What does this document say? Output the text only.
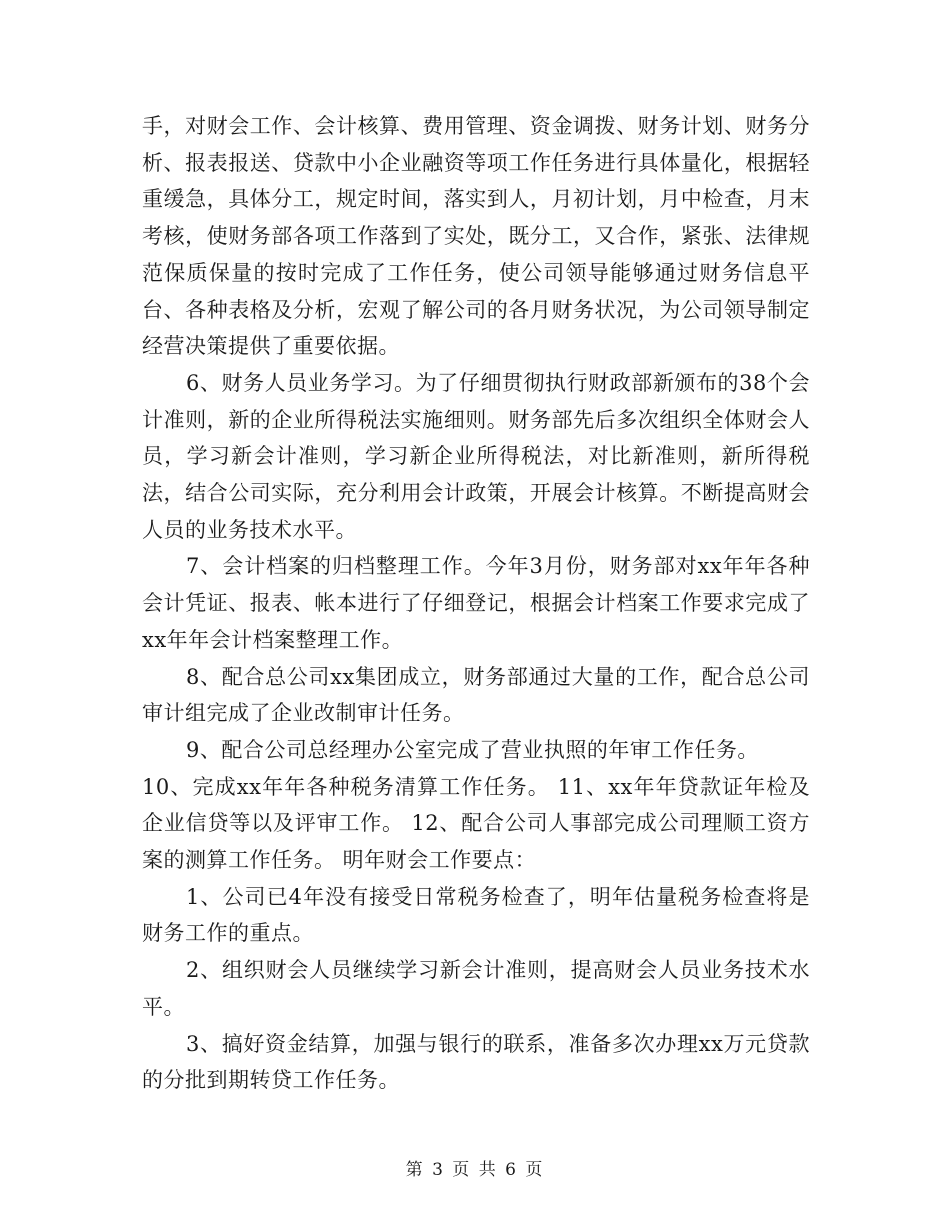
手，对财会工作、会计核算、费用管理、资金调拨、财务计划、财务分析、报表报送、贷款中小企业融资等项工作任务进行具体量化，根据轻重缓急，具体分工，规定时间，落实到人，月初计划，月中检查，月末考核，使财务部各项工作落到了实处，既分工，又合作，紧张、法律规范保质保量的按时完成了工作任务，使公司领导能够通过财务信息平台、各种表格及分析，宏观了解公司的各月财务状况，为公司领导制定经营决策提供了重要依据。

6、财务人员业务学习。为了仔细贯彻执行财政部新颁布的38个会计准则，新的企业所得税法实施细则。财务部先后多次组织全体财会人员，学习新会计准则，学习新企业所得税法，对比新准则，新所得税法，结合公司实际，充分利用会计政策，开展会计核算。不断提高财会人员的业务技术水平。

7、会计档案的归档整理工作。今年3月份，财务部对xx年年各种会计凭证、报表、帐本进行了仔细登记，根据会计档案工作要求完成了xx年年会计档案整理工作。

8、配合总公司xx集团成立，财务部通过大量的工作，配合总公司审计组完成了企业改制审计任务。

9、配合公司总经理办公室完成了营业执照的年审工作任务。

10、完成xx年年各种税务清算工作任务。 11、xx年年贷款证年检及企业信贷等以及评审工作。 12、配合公司人事部完成公司理顺工资方案的测算工作任务。 明年财会工作要点：

1、公司已4年没有接受日常税务检查了，明年估量税务检查将是财务工作的重点。

2、组织财会人员继续学习新会计准则，提高财会人员业务技术水平。

3、搞好资金结算，加强与银行的联系，准备多次办理xx万元贷款的分批到期转贷工作任务。

第 3 页 共 6 页
